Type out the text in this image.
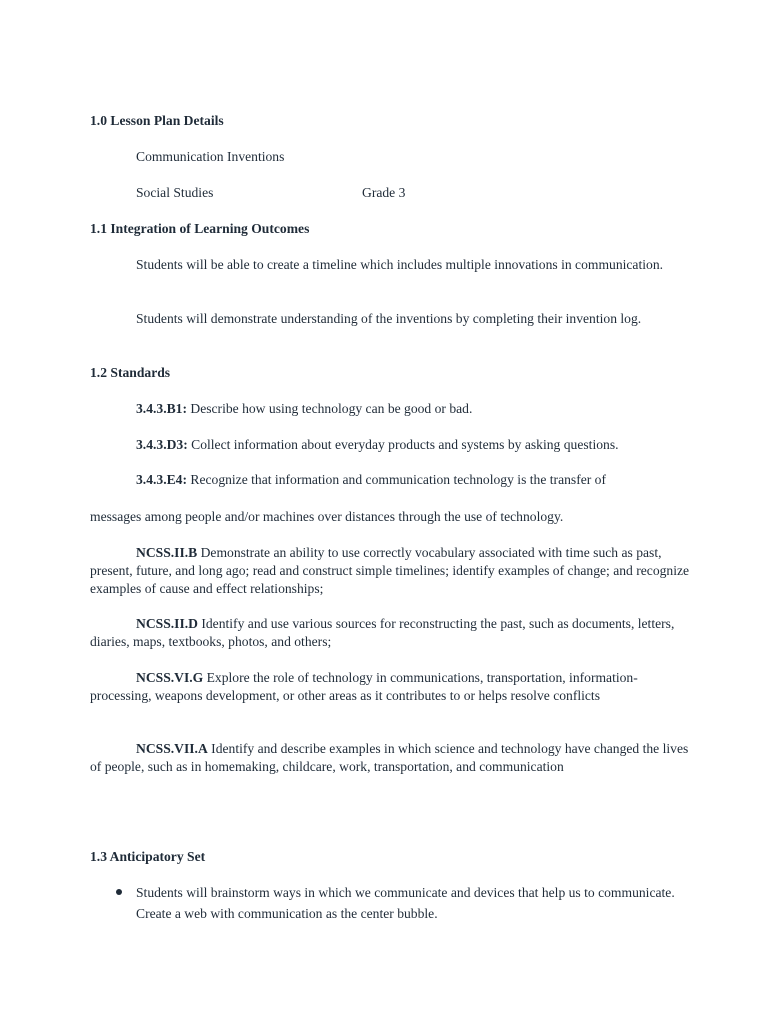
1.0 Lesson Plan Details

Communication Inventions

Social Studies	Grade 3

1.1 Integration of Learning Outcomes

Students will be able to create a timeline which includes multiple innovations in communication.

Students will demonstrate understanding of the inventions by completing their invention log.

1.2 Standards

3.4.3.B1: Describe how using technology can be good or bad.

3.4.3.D3: Collect information about everyday products and systems by asking questions.

3.4.3.E4: Recognize that information and communication technology is the transfer of

messages among people and/or machines over distances through the use of technology.

NCSS.II.B Demonstrate an ability to use correctly vocabulary associated with time such as past, present, future, and long ago; read and construct simple timelines; identify examples of change; and recognize examples of cause and effect relationships;

NCSS.II.D Identify and use various sources for reconstructing the past, such as documents, letters, diaries, maps, textbooks, photos, and others;

NCSS.VI.G Explore the role of technology in communications, transportation, information-processing, weapons development, or other areas as it contributes to or helps resolve conflicts

NCSS.VII.A Identify and describe examples in which science and technology have changed the lives of people, such as in homemaking, childcare, work, transportation, and communication

1.3 Anticipatory Set

Students will brainstorm ways in which we communicate and devices that help us to communicate. Create a web with communication as the center bubble.
